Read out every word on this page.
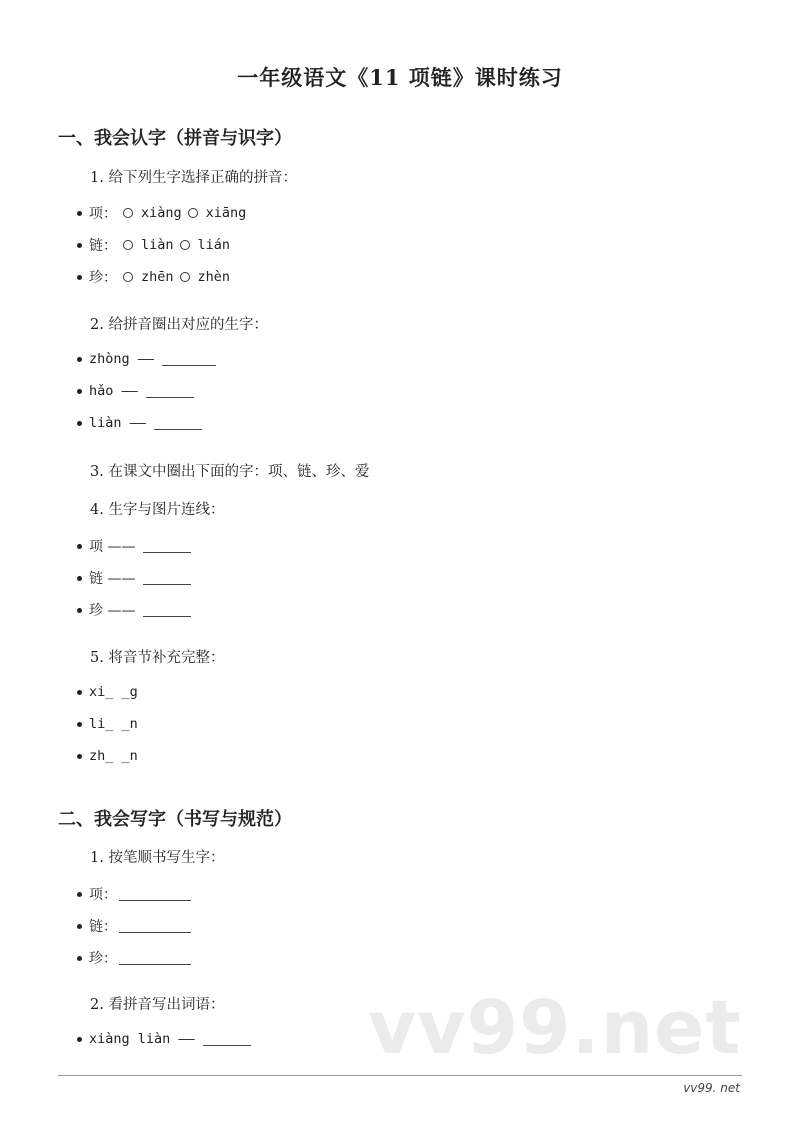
一年级语文《11 项链》课时练习
一、我会认字（拼音与识字）
1. 给下列生字选择正确的拼音：
项： xiàng xiāng
链： liàn lián
珍： zhēn zhèn
2. 给拼音圈出对应的生字：
zhòng ——
hǎo ——
liàn ——
3. 在课文中圈出下面的字：项、链、珍、爱
4. 生字与图片连线：
项 ——
链 ——
珍 ——
5. 将音节补充完整：
xi_ _g
li_ _n
zh_ _n
二、我会写字（书写与规范）
1. 按笔顺书写生字：
项：
链：
珍：
2. 看拼音写出词语： vv99.net
xiàng liàn ——
vv99. net
